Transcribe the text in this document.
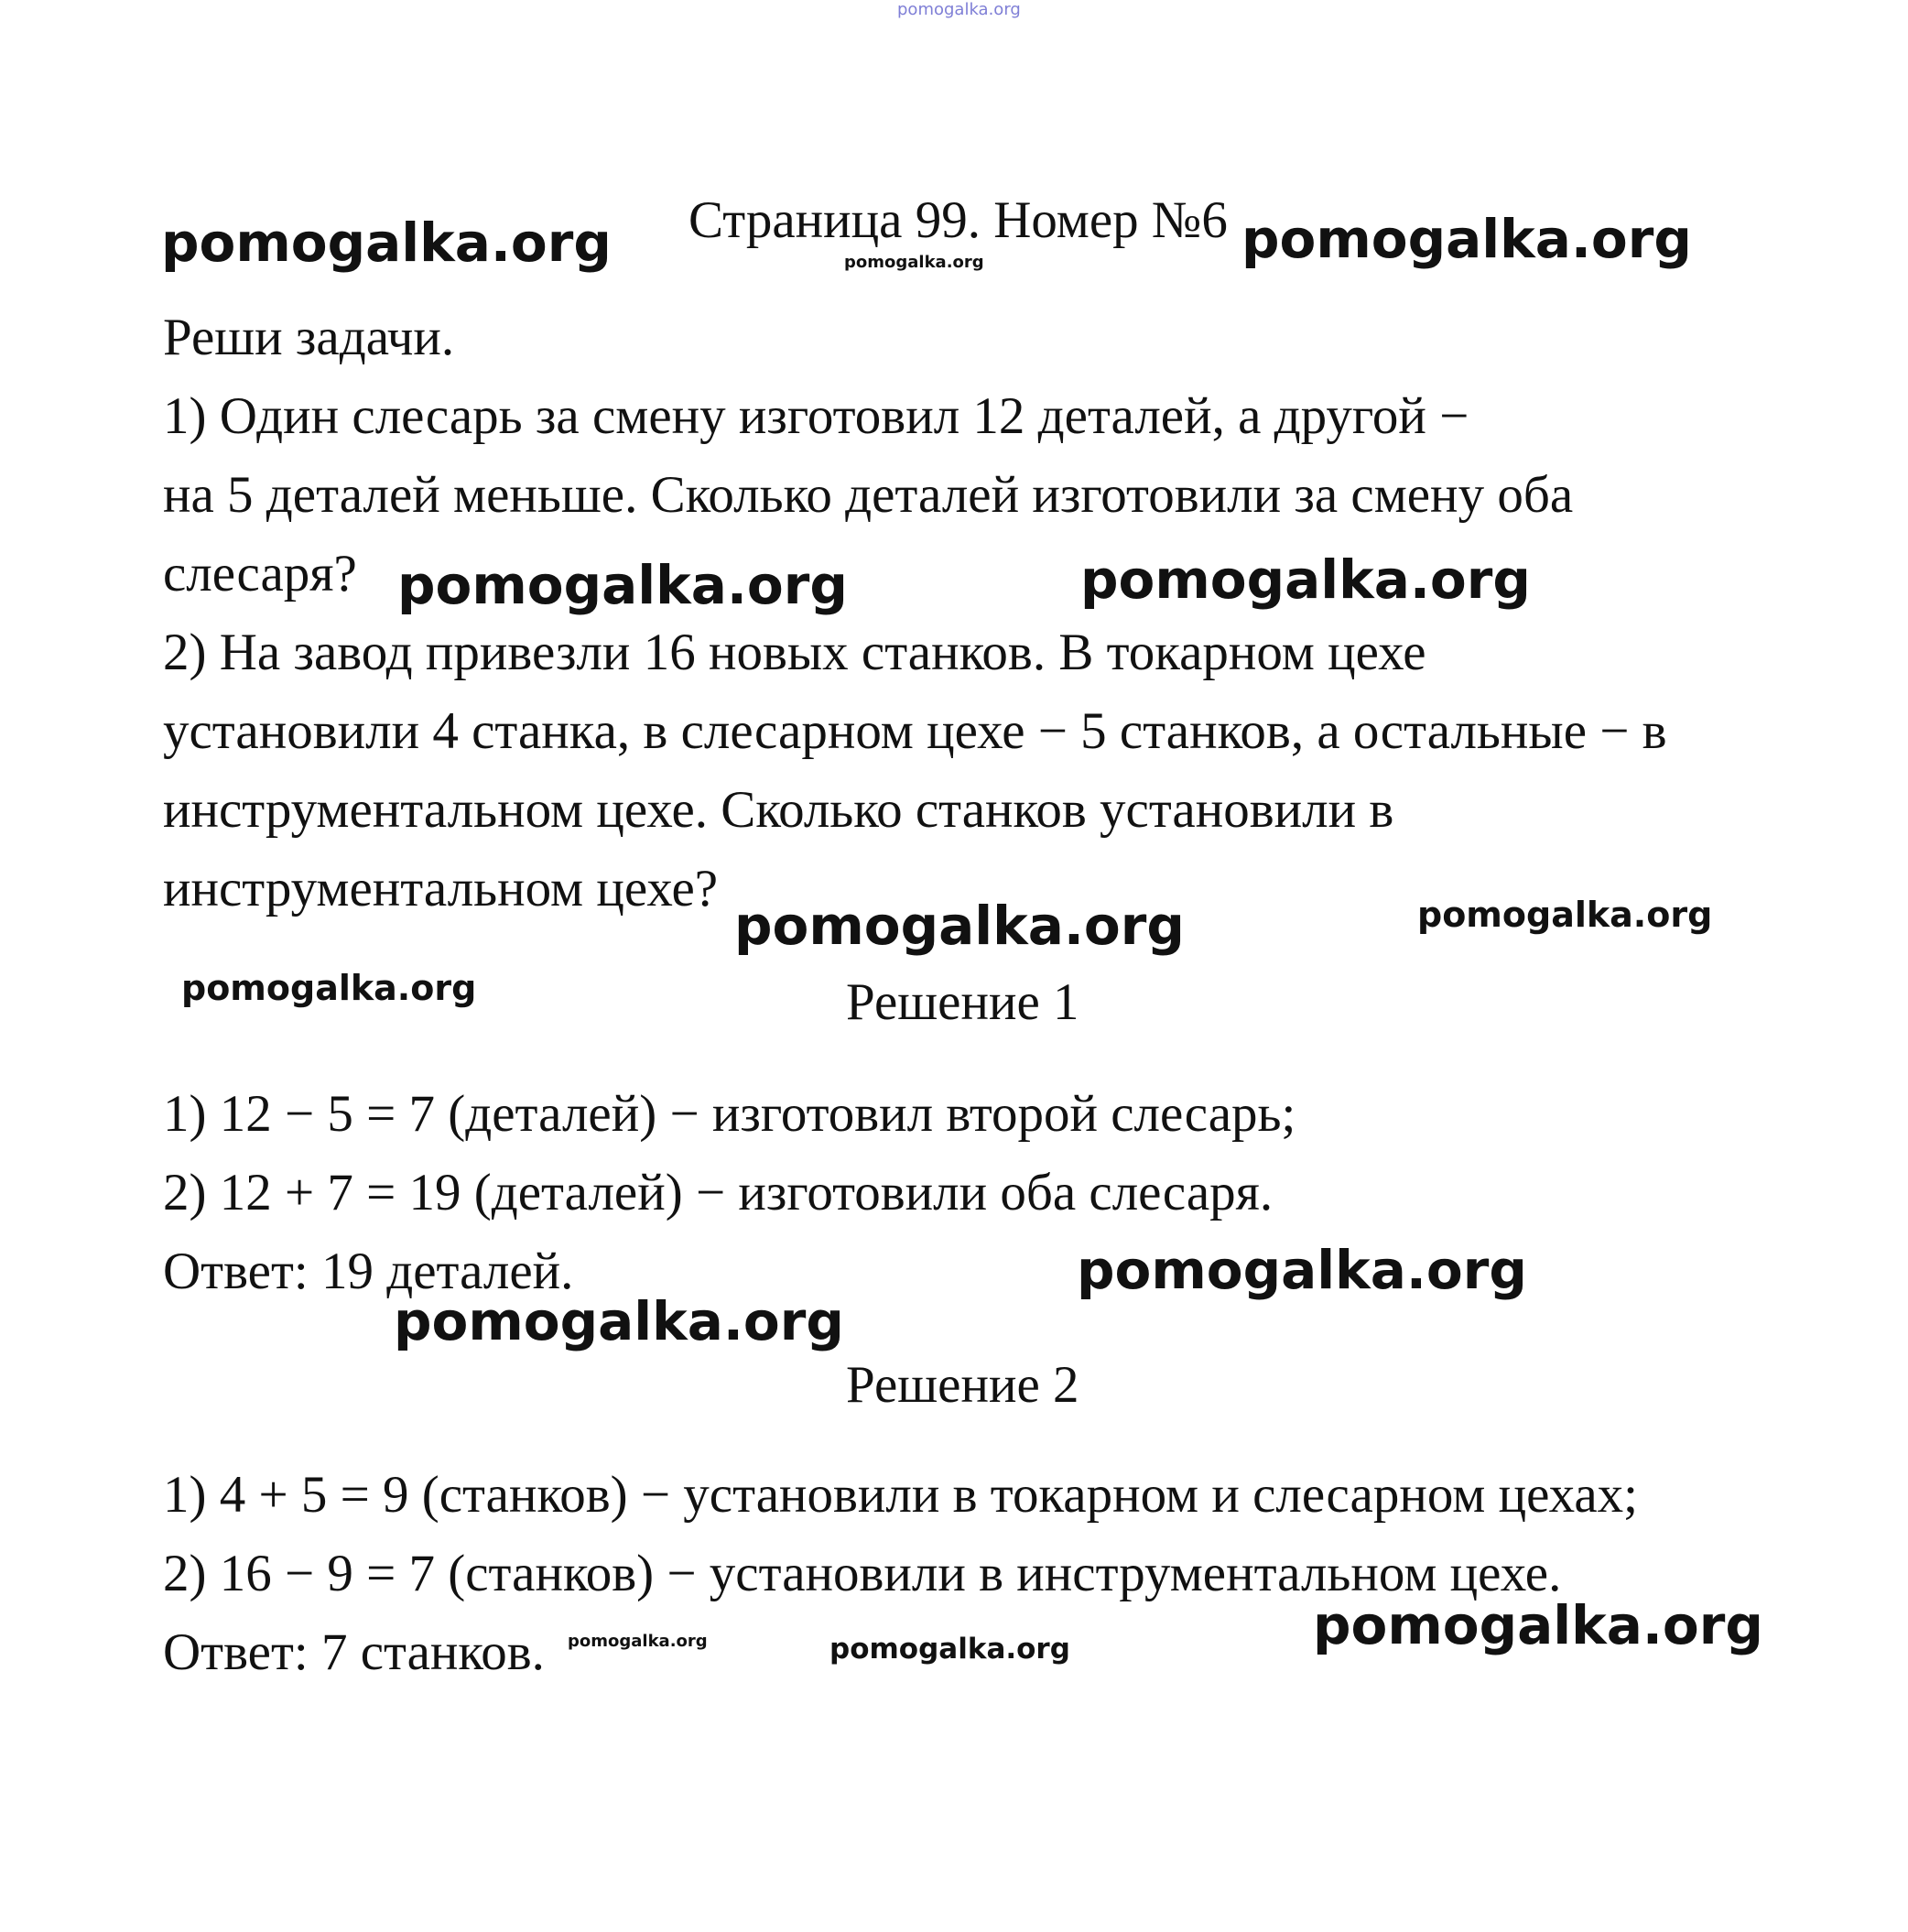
pomogalka.org
Страница 99. Номер №6
pomogalka.org	pomogalka.org	pomogalka.org
Реши задачи.
1) Один слесарь за смену изготовил 12 деталей, а другой −
на 5 деталей меньше. Сколько деталей изготовили за смену оба
слесаря? pomogalka.org	pomogalka.org
2) На завод привезли 16 новых станков. В токарном цехе
установили 4 станка, в слесарном цехе − 5 станков, а остальные − в
инструментальном цехе. Сколько станков установили в
инструментальном цехе?
pomogalka.org	pomogalka.org
pomogalka.org	Решение 1
1) 12 − 5 = 7 (деталей) − изготовил второй слесарь;
2) 12 + 7 = 19 (деталей) − изготовили оба слесаря.
Ответ: 19 деталей.	pomogalka.org
pomogalka.org
Решение 2
1) 4 + 5 = 9 (станков) − установили в токарном и слесарном цехах;
2) 16 − 9 = 7 (станков) − установили в инструментальном цехе.
Ответ: 7 станков. pomogalka.org	pomogalka.org	pomogalka.org
